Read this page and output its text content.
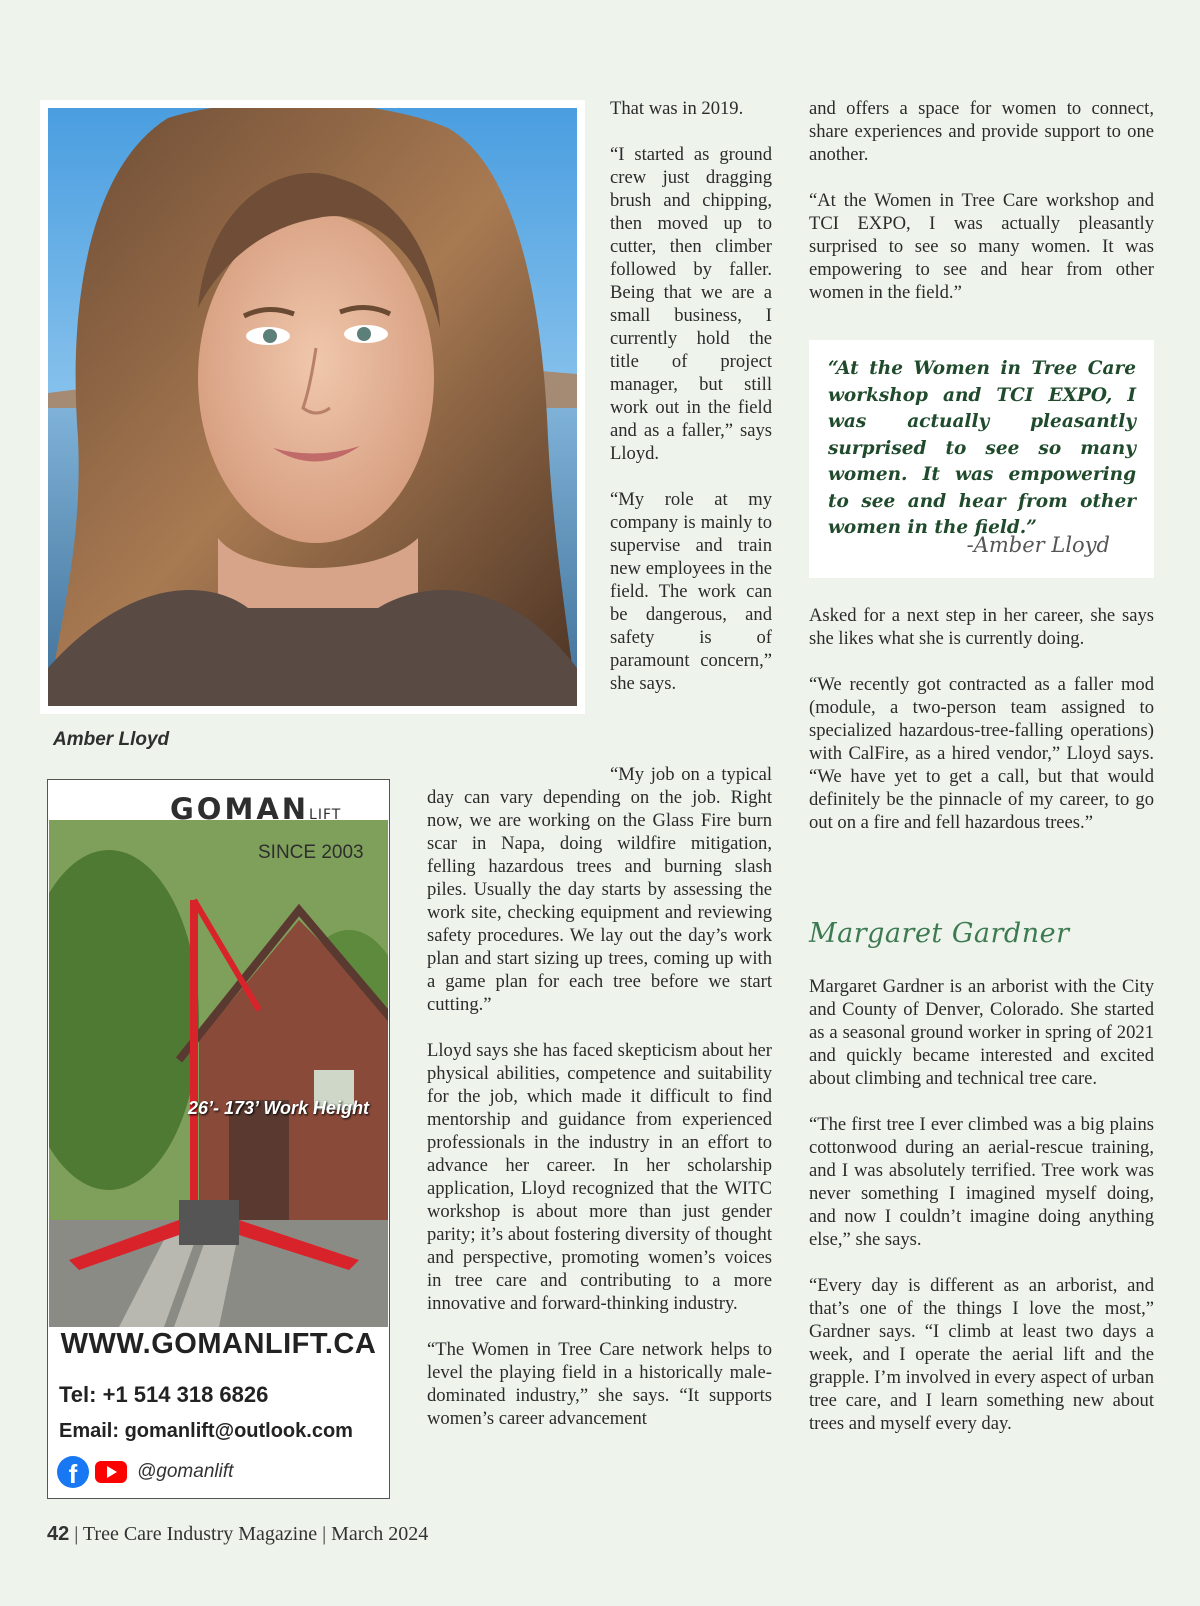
Amber Lloyd
GOMANLIFT
SINCE 2003
26’- 173’ Work Height
WWW.GOMANLIFT.CA
Tel: +1 514 318 6826
Email: gomanlift@outlook.com
f	@gomanlift

That was in 2019.

“I started as ground crew just dragging brush and chipping, then moved up to cutter, then climber followed by faller. Being that we are a small business, I currently hold the title of project manager, but still work out in the field and as a faller,” says Lloyd.

“My role at my company is mainly to supervise and train new employees in the field. The work can be dangerous, and safety is of paramount concern,” she says.

“My job on a typical day can vary depending on the job. Right now, we are working on the Glass Fire burn scar in Napa, doing wildfire mitigation, felling hazardous trees and burning slash piles. Usually the day starts by assessing the work site, checking equipment and reviewing safety procedures. We lay out the day’s work plan and start sizing up trees, coming up with a game plan for each tree before we start cutting.”

Lloyd says she has faced skepticism about her physical abilities, competence and suitability for the job, which made it difficult to find mentorship and guidance from experienced professionals in the industry in an effort to advance her career. In her scholarship application, Lloyd recognized that the WITC workshop is about more than just gender parity; it’s about fostering diversity of thought and perspective, promoting women’s voices in tree care and contributing to a more innovative and forward-thinking industry.

“The Women in Tree Care network helps to level the playing field in a historically male-dominated industry,” she says. “It supports women’s career advancement

and offers a space for women to connect, share experiences and provide support to one another.

“At the Women in Tree Care workshop and TCI EXPO, I was actually pleasantly surprised to see so many women. It was empowering to see and hear from other women in the field.”

“At the Women in Tree Care workshop and TCI EXPO, I was actually pleasantly surprised to see so many women. It was empowering to see and hear from other women in the field.”

-Amber Lloyd

Asked for a next step in her career, she says she likes what she is currently doing.

“We recently got contracted as a faller mod (module, a two-person team assigned to specialized hazardous-tree-falling operations) with CalFire, as a hired vendor,” Lloyd says. “We have yet to get a call, but that would definitely be the pinnacle of my career, to go out on a fire and fell hazardous trees.”

Margaret Gardner

Margaret Gardner is an arborist with the City and County of Denver, Colorado. She started as a seasonal ground worker in spring of 2021 and quickly became interested and excited about climbing and technical tree care.

“The first tree I ever climbed was a big plains cottonwood during an aerial-rescue training, and I was absolutely terrified. Tree work was never something I imagined myself doing, and now I couldn’t imagine doing anything else,” she says.

“Every day is different as an arborist, and that’s one of the things I love the most,” Gardner says. “I climb at least two days a week, and I operate the aerial lift and the grapple. I’m involved in every aspect of urban tree care, and I learn something new about trees and myself every day.

42 | Tree Care Industry Magazine | March 2024
